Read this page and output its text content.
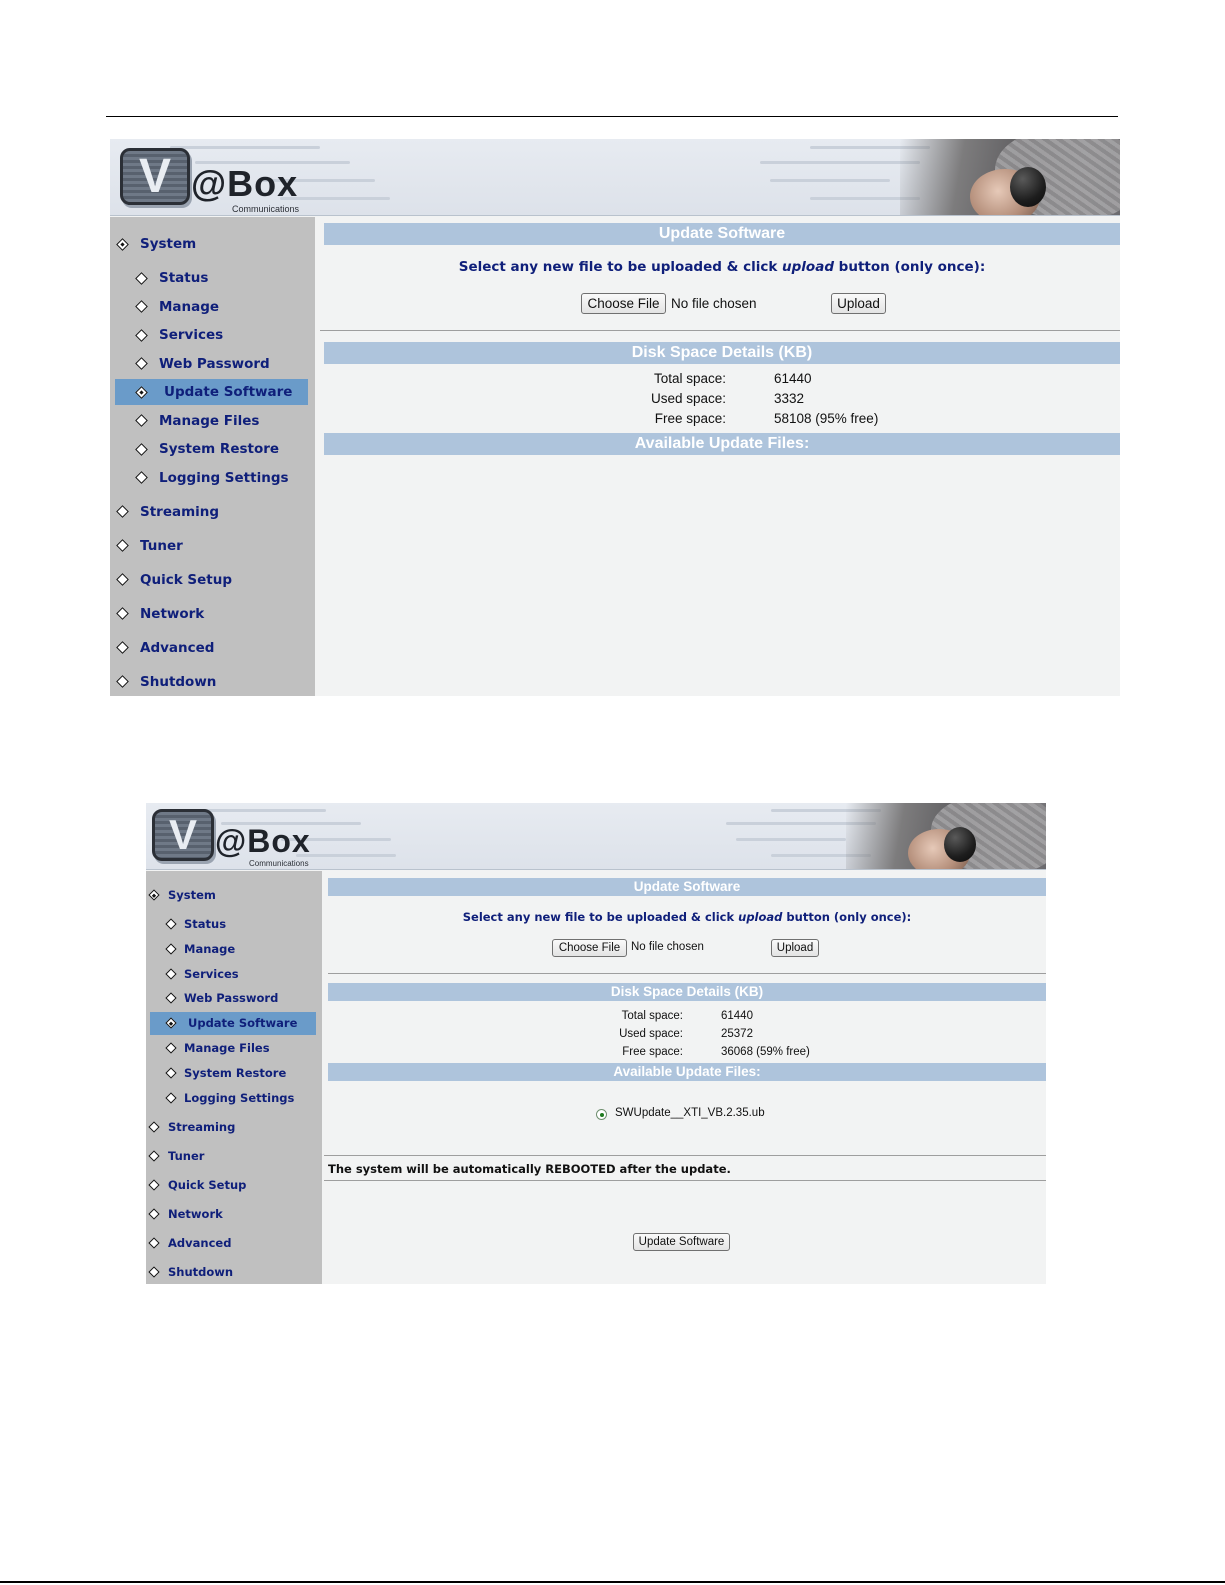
V @Box
Communications
System
Status
Manage
Services
Web Password
Update Software
Manage Files
System Restore
Logging Settings
Streaming
Tuner
Quick Setup
Network
Advanced
Shutdown
Update Software
Select any new file to be uploaded & click upload button (only once):
Choose File No file chosen	Upload
Disk Space Details (KB)
Total space:
Used space:
Free space:
61440
3332
58108 (95% free)
Available Update Files:
V @Box
Communications
System
Status
Manage
Services
Web Password
Update Software
Manage Files
System Restore
Logging Settings
Streaming
Tuner
Quick Setup
Network
Advanced
Shutdown
Update Software
Select any new file to be uploaded & click upload button (only once):
Choose File No file chosen	Upload
Disk Space Details (KB)
Total space:
Used space:
Free space:
61440
25372
36068 (59% free)
Available Update Files:
SWUpdate__XTI_VB.2.35.ub
The system will be automatically REBOOTED after the update.
Update Software
